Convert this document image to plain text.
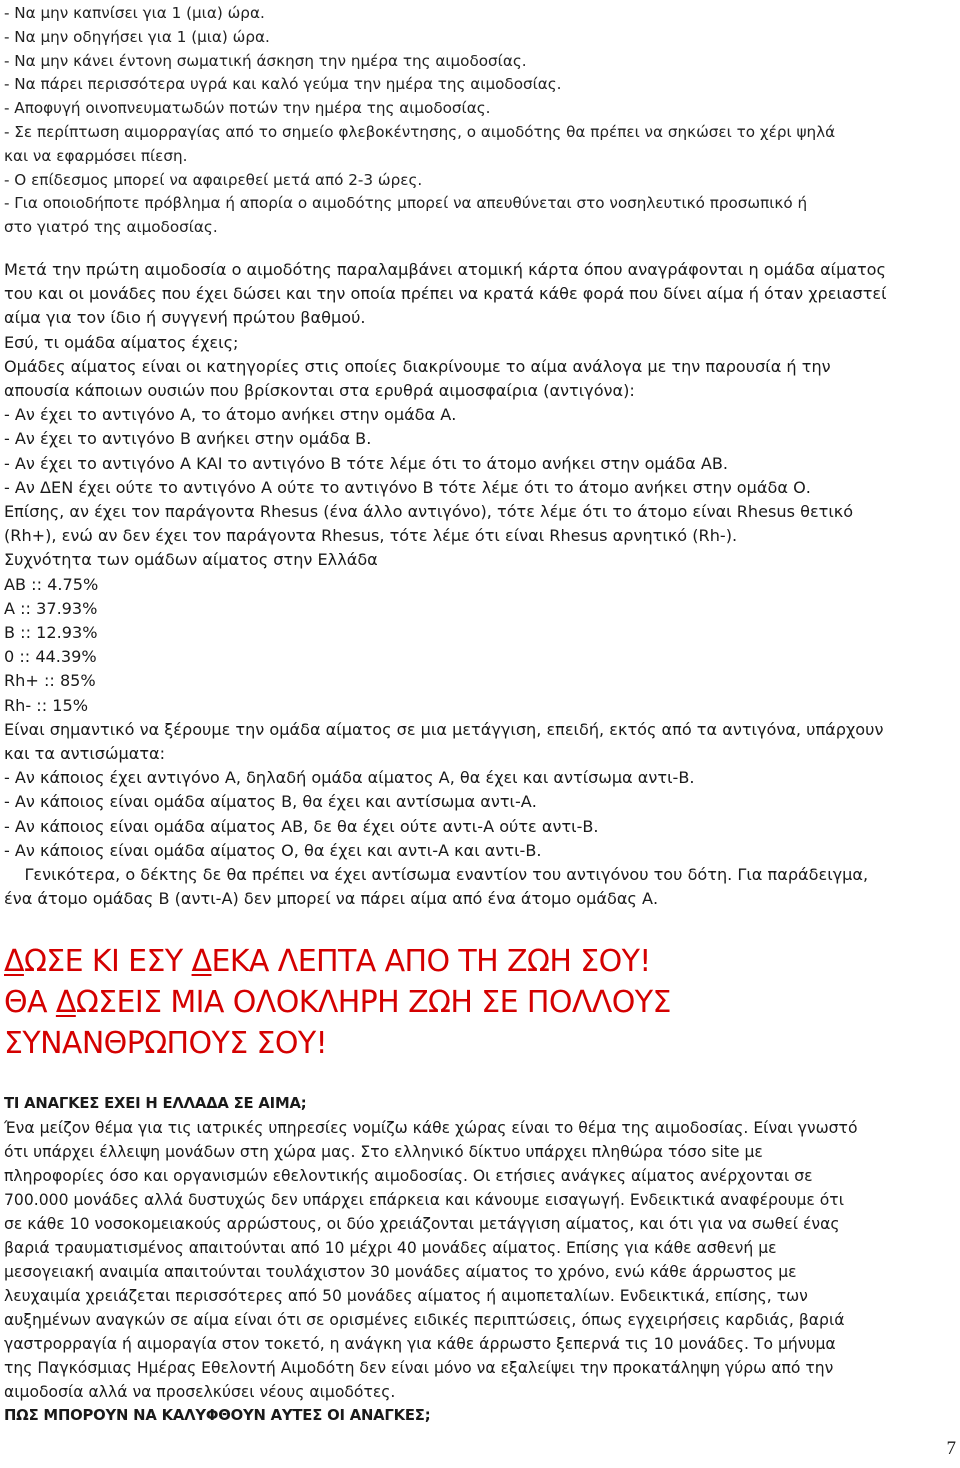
- Να μην καπνίσει για 1 (μια) ώρα.
- Να μην οδηγήσει για 1 (μια) ώρα.
- Να μην κάνει έντονη σωματική άσκηση την ημέρα της αιμοδοσίας.
- Να πάρει περισσότερα υγρά και καλό γεύμα την ημέρα της αιμοδοσίας.
- Αποφυγή οινοπνευματωδών ποτών την ημέρα της αιμοδοσίας.
- Σε περίπτωση αιμορραγίας από το σημείο φλεβοκέντησης, ο αιμοδότης θα πρέπει να σηκώσει το χέρι ψηλά
και να εφαρμόσει πίεση.
- Ο επίδεσμος μπορεί να αφαιρεθεί μετά από 2-3 ώρες.
- Για οποιοδήποτε πρόβλημα ή απορία ο αιμοδότης μπορεί να απευθύνεται στο νοσηλευτικό προσωπικό ή
στο γιατρό της αιμοδοσίας.
Μετά την πρώτη αιμοδοσία ο αιμοδότης παραλαμβάνει ατομική κάρτα όπου αναγράφονται η ομάδα αίματος
του και οι μονάδες που έχει δώσει και την οποία πρέπει να κρατά κάθε φορά που δίνει αίμα ή όταν χρειαστεί
αίμα για τον ίδιο ή συγγενή πρώτου βαθμού.
Εσύ, τι ομάδα αίματος έχεις;
Ομάδες αίματος είναι οι κατηγορίες στις οποίες διακρίνουμε το αίμα ανάλογα με την παρουσία ή την
απουσία κάποιων ουσιών που βρίσκονται στα ερυθρά αιμοσφαίρια (αντιγόνα):
- Αν έχει το αντιγόνο Α, το άτομο ανήκει στην ομάδα Α.
- Αν έχει το αντιγόνο Β ανήκει στην ομάδα Β.
- Αν έχει το αντιγόνο Α ΚΑΙ το αντιγόνο Β τότε λέμε ότι το άτομο ανήκει στην ομάδα ΑΒ.
- Αν ΔΕΝ έχει ούτε το αντιγόνο Α ούτε το αντιγόνο Β τότε λέμε ότι το άτομο ανήκει στην ομάδα Ο.
Επίσης, αν έχει τον παράγοντα Rhesus (ένα άλλο αντιγόνο), τότε λέμε ότι το άτομο είναι Rhesus θετικό
(Rh+), ενώ αν δεν έχει τον παράγοντα Rhesus, τότε λέμε ότι είναι Rhesus αρνητικό (Rh-).
Συχνότητα των ομάδων αίματος στην Ελλάδα
ΑΒ :: 4.75%
Α :: 37.93%
Β :: 12.93%
0 :: 44.39%
Rh+ :: 85%
Rh- :: 15%
Είναι σημαντικό να ξέρουμε την ομάδα αίματος σε μια μετάγγιση, επειδή, εκτός από τα αντιγόνα, υπάρχουν
και τα αντισώματα:
- Αν κάποιος έχει αντιγόνο Α, δηλαδή ομάδα αίματος Α, θα έχει και αντίσωμα αντι-Β.
- Αν κάποιος είναι ομάδα αίματος Β, θα έχει και αντίσωμα αντι-Α.
- Αν κάποιος είναι ομάδα αίματος ΑΒ, δε θα έχει ούτε αντι-Α ούτε αντι-Β.
- Αν κάποιος είναι ομάδα αίματος Ο, θα έχει και αντι-Α και αντι-Β.
Γενικότερα, ο δέκτης δε θα πρέπει να έχει αντίσωμα εναντίον του αντιγόνου του δότη. Για παράδειγμα,
ένα άτομο ομάδας Β (αντι-Α) δεν μπορεί να πάρει αίμα από ένα άτομο ομάδας Α.
ΔΩΣΕ ΚΙ ΕΣΥ ΔΕΚΑ ΛΕΠΤΑ ΑΠΟ ΤΗ ΖΩΗ ΣΟΥ!
ΘΑ ΔΩΣΕΙΣ ΜΙΑ ΟΛΟΚΛΗΡΗ ΖΩΗ ΣΕ ΠΟΛΛΟΥΣ
ΣΥΝΑΝΘΡΩΠΟΥΣ ΣΟΥ!
ΤΙ ΑΝΑΓΚΕΣ ΕΧΕΙ Η ΕΛΛΑΔΑ ΣΕ ΑΙΜΑ;
Ένα μείζον θέμα για τις ιατρικές υπηρεσίες νομίζω κάθε χώρας είναι το θέμα της αιμοδοσίας. Είναι γνωστό
ότι υπάρχει έλλειψη μονάδων στη χώρα μας. Στο ελληνικό δίκτυο υπάρχει πληθώρα τόσο site με
πληροφορίες όσο και οργανισμών εθελοντικής αιμοδοσίας. Οι ετήσιες ανάγκες αίματος ανέρχονται σε
700.000 μονάδες αλλά δυστυχώς δεν υπάρχει επάρκεια και κάνουμε εισαγωγή. Ενδεικτικά αναφέρουμε ότι
σε κάθε 10 νοσοκομειακούς αρρώστους, οι δύο χρειάζονται μετάγγιση αίματος, και ότι για να σωθεί ένας
βαριά τραυματισμένος απαιτούνται από 10 μέχρι 40 μονάδες αίματος. Επίσης για κάθε ασθενή με
μεσογειακή αναιμία απαιτούνται τουλάχιστον 30 μονάδες αίματος το χρόνο, ενώ κάθε άρρωστος με
λευχαιμία χρειάζεται περισσότερες από 50 μονάδες αίματος ή αιμοπεταλίων. Ενδεικτικά, επίσης, των
αυξημένων αναγκών σε αίμα είναι ότι σε ορισμένες ειδικές περιπτώσεις, όπως εγχειρήσεις καρδιάς, βαριά
γαστρορραγία ή αιμοραγία στον τοκετό, η ανάγκη για κάθε άρρωστο ξεπερνά τις 10 μονάδες. Το μήνυμα
της Παγκόσμιας Ημέρας Εθελοντή Αιμοδότη δεν είναι μόνο να εξαλείψει την προκατάληψη γύρω από την
αιμοδοσία αλλά να προσελκύσει νέους αιμοδότες.
ΠΩΣ ΜΠΟΡΟΥΝ ΝΑ ΚΑΛΥΦΘΟΥΝ ΑΥΤΕΣ ΟΙ ΑΝΑΓΚΕΣ;
7
